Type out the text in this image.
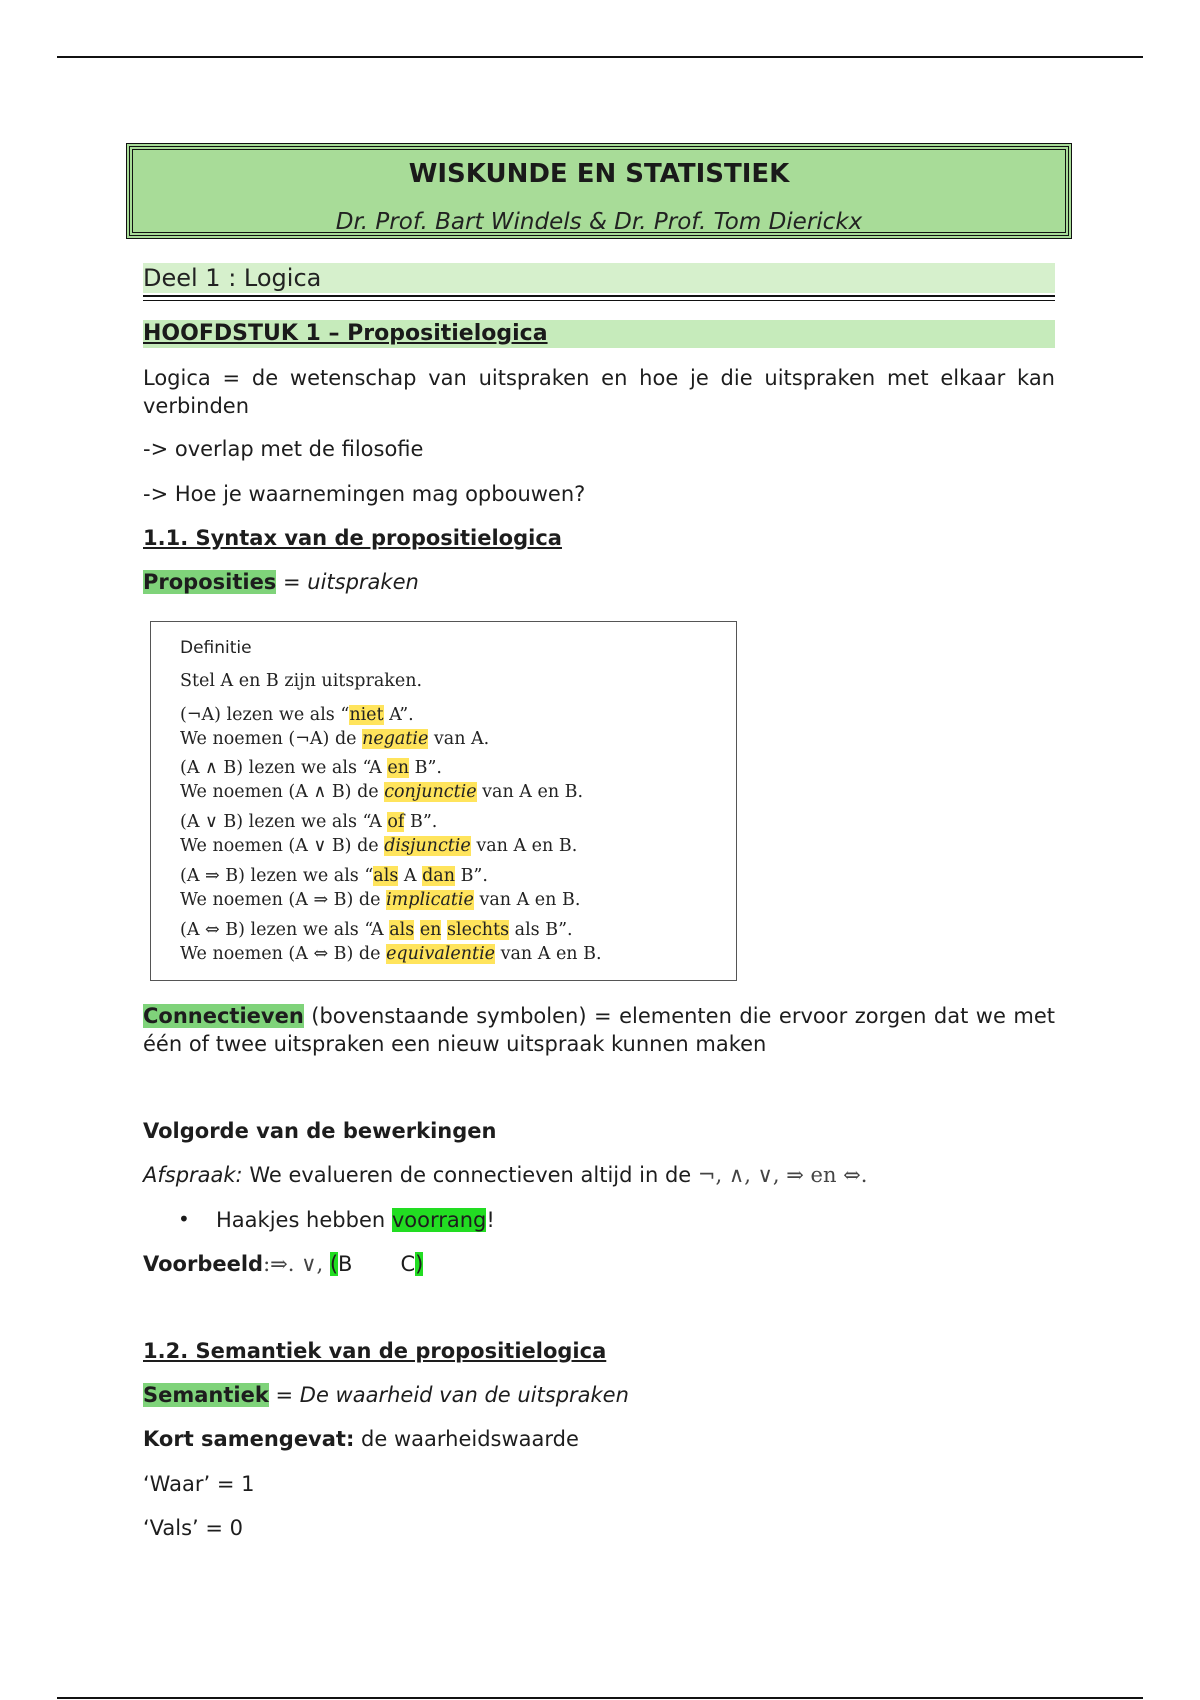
WISKUNDE EN STATISTIEK
Dr. Prof. Bart Windels & Dr. Prof. Tom Dierickx
Deel 1 : Logica
HOOFDSTUK 1 – Propositielogica
Logica = de wetenschap van uitspraken en hoe je die uitspraken met elkaar kan verbinden
-> overlap met de filosofie
-> Hoe je waarnemingen mag opbouwen?
1.1. Syntax van de propositielogica
Proposities = uitspraken
Definitie
Stel A en B zijn uitspraken.
(¬A) lezen we als “niet A”.
We noemen (¬A) de negatie van A.
(A ∧ B) lezen we als “A en B”.
We noemen (A ∧ B) de conjunctie van A en B.
(A ∨ B) lezen we als “A of B”.
We noemen (A ∨ B) de disjunctie van A en B.
(A ⇒ B) lezen we als “als A dan B”.
We noemen (A ⇒ B) de implicatie van A en B.
(A ⇔ B) lezen we als “A als en slechts als B”.
We noemen (A ⇔ B) de equivalentie van A en B.
Connectieven (bovenstaande symbolen) = elementen die ervoor zorgen dat we met één of twee uitspraken een nieuw uitspraak kunnen maken
Volgorde van de bewerkingen
Afspraak: We evalueren de connectieven altijd in de ¬, ∧, ∨, ⇒ en ⇔.
• Haakjes hebben voorrang!
Voorbeeld:⇒. ∨, (B C)
1.2. Semantiek van de propositielogica
Semantiek = De waarheid van de uitspraken
Kort samengevat: de waarheidswaarde
‘Waar’ = 1
‘Vals’ = 0
